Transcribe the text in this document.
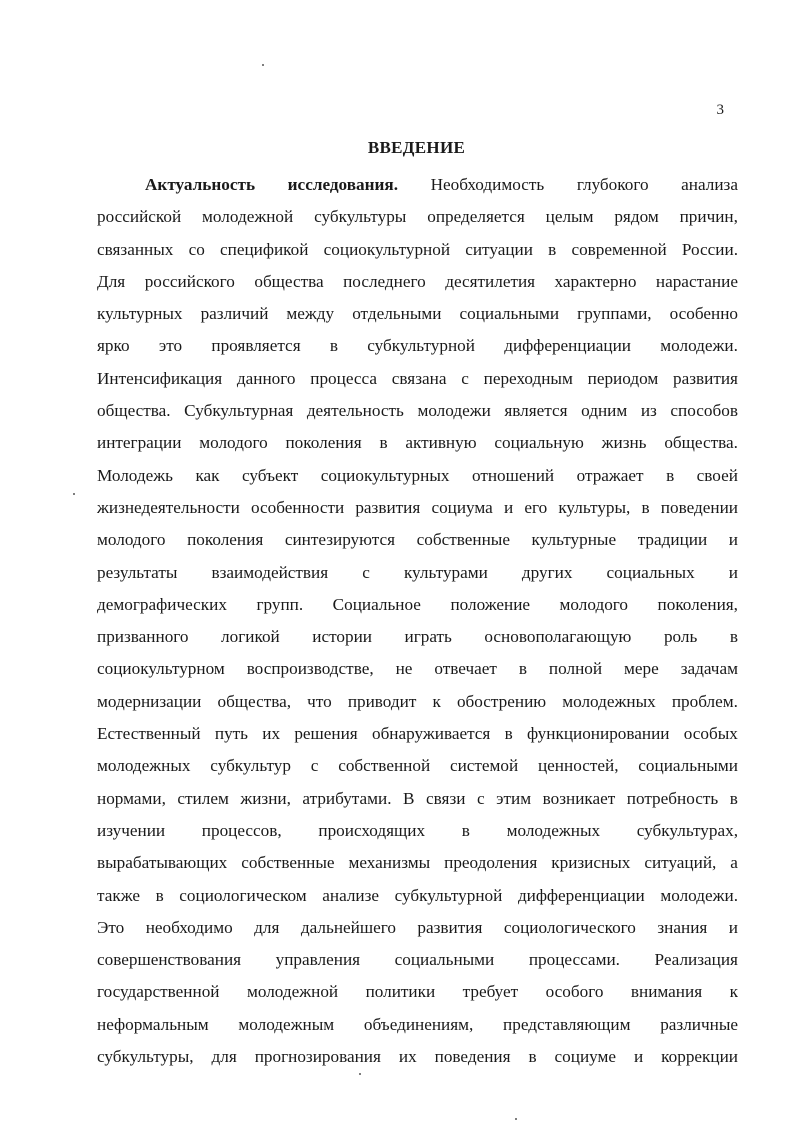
3
ВВЕДЕНИЕ
Актуальность исследования. Необходимость глубокого анализа
российской молодежной субкультуры определяется целым рядом причин,
связанных со спецификой социокультурной ситуации в современной России.
Для российского общества последнего десятилетия характерно нарастание
культурных различий между отдельными социальными группами, особенно
ярко это проявляется в субкультурной дифференциации молодежи.
Интенсификация данного процесса связана с переходным периодом развития
общества. Субкультурная деятельность молодежи является одним из способов
интеграции молодого поколения в активную социальную жизнь общества.
Молодежь как субъект социокультурных отношений отражает в своей
жизнедеятельности особенности развития социума и его культуры, в поведении
молодого поколения синтезируются собственные культурные традиции и
результаты взаимодействия с культурами других социальных и
демографических групп. Социальное положение молодого поколения,
призванного логикой истории играть основополагающую роль в
социокультурном воспроизводстве, не отвечает в полной мере задачам
модернизации общества, что приводит к обострению молодежных проблем.
Естественный путь их решения обнаруживается в функционировании особых
молодежных субкультур с собственной системой ценностей, социальными
нормами, стилем жизни, атрибутами. В связи с этим возникает потребность в
изучении процессов, происходящих в молодежных субкультурах,
вырабатывающих собственные механизмы преодоления кризисных ситуаций, а
также в социологическом анализе субкультурной дифференциации молодежи.
Это необходимо для дальнейшего развития социологического знания и
совершенствования управления социальными процессами. Реализация
государственной молодежной политики требует особого внимания к
неформальным молодежным объединениям, представляющим различные
субкультуры, для прогнозирования их поведения в социуме и коррекции
